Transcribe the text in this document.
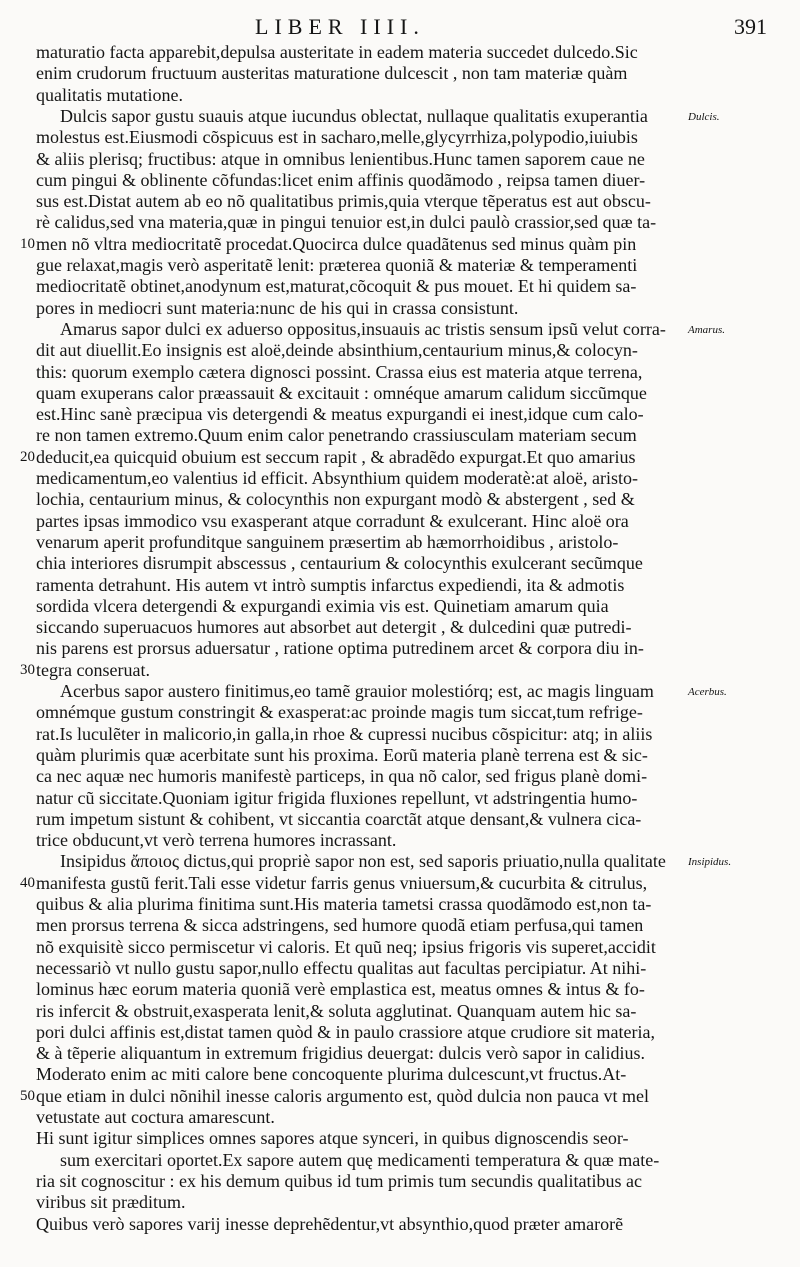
LIBER IIII.	391
maturatio facta apparebit,depulsa austeritate in eadem materia succedet dulcedo.Sic
enim crudorum fructuum austeritas maturatione dulcescit , non tam materiæ quàm
qualitatis mutatione.
Dulcis sapor gustu suauis atque iucundus oblectat, nullaque qualitatis exuperantia
molestus est.Eiusmodi cõspicuus est in sacharo,melle,glycyrrhiza,polypodio,iuiubis
& aliis plerisq; fructibus: atque in omnibus lenientibus.Hunc tamen saporem caue ne
cum pingui & oblinente cõfundas:licet enim affinis quodãmodo , reipsa tamen diuer-
sus est.Distat autem ab eo nõ qualitatibus primis,quia vterque tẽperatus est aut obscu-
rè calidus,sed vna materia,quæ in pingui tenuior est,in dulci paulò crassior,sed quæ ta-
men nõ vltra mediocritatẽ procedat.Quocirca dulce quadãtenus sed minus quàm pin
gue relaxat,magis verò asperitatẽ lenit: præterea quoniã & materiæ & temperamenti
mediocritatẽ obtinet,anodynum est,maturat,cõcoquit & pus mouet. Et hi quidem sa-
pores in mediocri sunt materia:nunc de his qui in crassa consistunt.
Amarus sapor dulci ex aduerso oppositus,insuauis ac tristis sensum ipsũ velut corra-
dit aut diuellit.Eo insignis est aloë,deinde absinthium,centaurium minus,& colocyn-
this: quorum exemplo cætera dignosci possint. Crassa eius est materia atque terrena,
quam exuperans calor præassauit & excitauit : omnéque amarum calidum siccũmque
est.Hinc sanè præcipua vis detergendi & meatus expurgandi ei inest,idque cum calo-
re non tamen extremo.Quum enim calor penetrando crassiusculam materiam secum
deducit,ea quicquid obuium est seccum rapit , & abradẽdo expurgat.Et quo amarius
medicamentum,eo valentius id efficit. Absynthium quidem moderatè:at aloë, aristo-
lochia, centaurium minus, & colocynthis non expurgant modò & abstergent , sed &
partes ipsas immodico vsu exasperant atque corradunt & exulcerant. Hinc aloë ora
venarum aperit profunditque sanguinem præsertim ab hæmorrhoidibus , aristolo-
chia interiores disrumpit abscessus , centaurium & colocynthis exulcerant secũmque
ramenta detrahunt. His autem vt intrò sumptis infarctus expediendi, ita & admotis
sordida vlcera detergendi & expurgandi eximia vis est. Quinetiam amarum quia
siccando superuacuos humores aut absorbet aut detergit , & dulcedini quæ putredi-
nis parens est prorsus aduersatur , ratione optima putredinem arcet & corpora diu in-
tegra conseruat.
Acerbus sapor austero finitimus,eo tamẽ grauior molestiórq; est, ac magis linguam
omnémque gustum constringit & exasperat:ac proinde magis tum siccat,tum refrige-
rat.Is luculẽter in malicorio,in galla,in rhoe & cupressi nucibus cõspicitur: atq; in aliis
quàm plurimis quæ acerbitate sunt his proxima. Eorũ materia planè terrena est & sic-
ca nec aquæ nec humoris manifestè particeps, in qua nõ calor, sed frigus planè domi-
natur cũ siccitate.Quoniam igitur frigida fluxiones repellunt, vt adstringentia humo-
rum impetum sistunt & cohibent, vt siccantia coarctãt atque densant,& vulnera cica-
trice obducunt,vt verò terrena humores incrassant.
Insipidus ἄποιος dictus,qui propriè sapor non est, sed saporis priuatio,nulla qualitate
manifesta gustũ ferit.Tali esse videtur farris genus vniuersum,& cucurbita & citrulus,
quibus & alia plurima finitima sunt.His materia tametsi crassa quodãmodo est,non ta-
men prorsus terrena & sicca adstringens, sed humore quodã etiam perfusa,qui tamen
nõ exquisitè sicco permiscetur vi caloris. Et quũ neq; ipsius frigoris vis superet,accidit
necessariò vt nullo gustu sapor,nullo effectu qualitas aut facultas percipiatur. At nihi-
lominus hæc eorum materia quoniã verè emplastica est, meatus omnes & intus & fo-
ris infercit & obstruit,exasperata lenit,& soluta agglutinat. Quanquam autem hic sa-
pori dulci affinis est,distat tamen quòd & in paulo crassiore atque crudiore sit materia,
& à tẽperie aliquantum in extremum frigidius deuergat: dulcis verò sapor in calidius.
Moderato enim ac miti calore bene concoquente plurima dulcescunt,vt fructus.At-
que etiam in dulci nõnihil inesse caloris argumento est, quòd dulcia non pauca vt mel
vetustate aut coctura amarescunt.
Hi sunt igitur simplices omnes sapores atque synceri, in quibus dignoscendis seor-
sum exercitari oportet.Ex sapore autem quę medicamenti temperatura & quæ mate-
ria sit cognoscitur : ex his demum quibus id tum primis tum secundis qualitatibus ac
viribus sit præditum.
Quibus verò sapores varij inesse deprehẽdentur,vt absynthio,quod præter amarorẽ
Dulcis.
Amarus.
Acerbus.
Insipidus.
10
20
30
40
50
